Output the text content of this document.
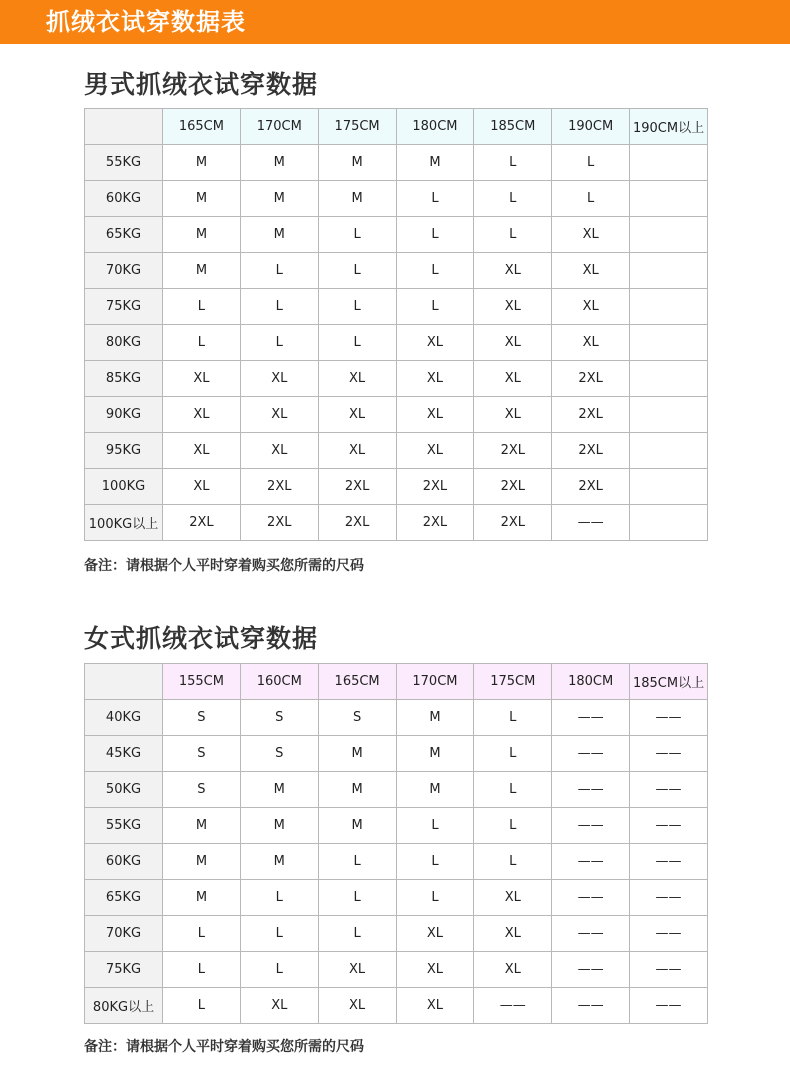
抓绒衣试穿数据表
男式抓绒衣试穿数据
	165CM	170CM	175CM	180CM	185CM	190CM	190CM以上
55KG	M	M	M	M	L	L	
60KG	M	M	M	L	L	L	
65KG	M	M	L	L	L	XL	
70KG	M	L	L	L	XL	XL	
75KG	L	L	L	L	XL	XL	
80KG	L	L	L	XL	XL	XL	
85KG	XL	XL	XL	XL	XL	2XL	
90KG	XL	XL	XL	XL	XL	2XL	
95KG	XL	XL	XL	XL	2XL	2XL	
100KG	XL	2XL	2XL	2XL	2XL	2XL	
100KG以上	2XL	2XL	2XL	2XL	2XL	——	
备注：请根据个人平时穿着购买您所需的尺码
女式抓绒衣试穿数据
	155CM	160CM	165CM	170CM	175CM	180CM	185CM以上
40KG	S	S	S	M	L	——	——
45KG	S	S	M	M	L	——	——
50KG	S	M	M	M	L	——	——
55KG	M	M	M	L	L	——	——
60KG	M	M	L	L	L	——	——
65KG	M	L	L	L	XL	——	——
70KG	L	L	L	XL	XL	——	——
75KG	L	L	XL	XL	XL	——	——
80KG以上	L	XL	XL	XL	——	——	——
备注：请根据个人平时穿着购买您所需的尺码
